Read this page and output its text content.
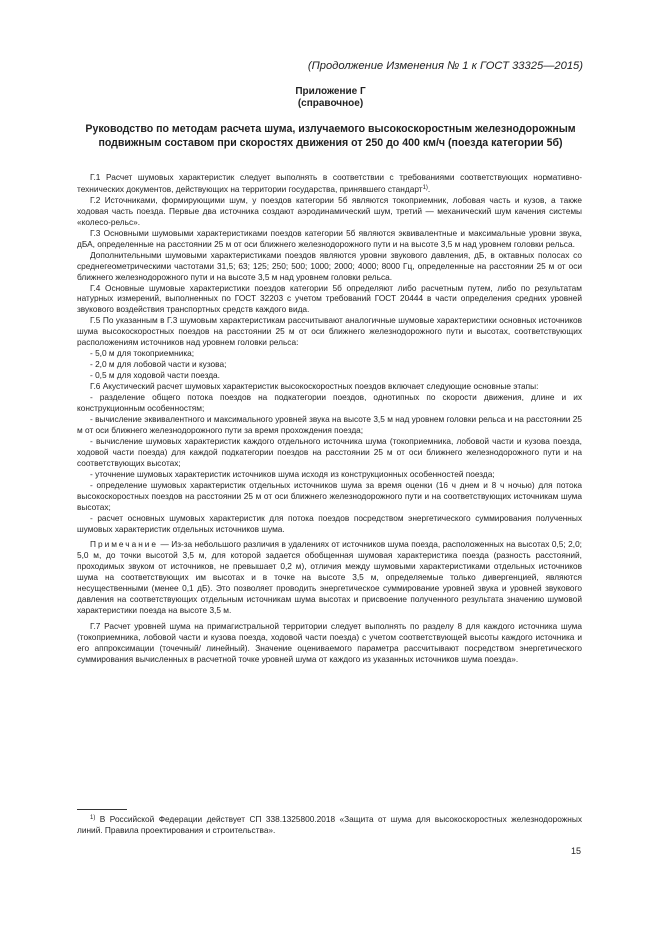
(Продолжение Изменения № 1 к ГОСТ 33325—2015)
Приложение Г
(справочное)
Руководство по методам расчета шума, излучаемого высокоскоростным железнодорожным подвижным составом при скоростях движения от 250 до 400 км/ч (поезда категории 5б)

Г.1 Расчет шумовых характеристик следует выполнять в соответствии с требованиями соответствующих нормативно-технических документов, действующих на территории государства, принявшего стандарт$^{1)}$.

Г.2 Источниками, формирующими шум, у поездов категории 5б являются токоприемник, лобовая часть и кузов, а также ходовая часть поезда. Первые два источника создают аэродинамический шум, третий — механический шум качения системы «колесо-рельс».

Г.3 Основными шумовыми характеристиками поездов категории 5б являются эквивалентные и максимальные уровни звука, дБА, определенные на расстоянии 25 м от оси ближнего железнодорожного пути и на высоте 3,5 м над уровнем головки рельса.

Дополнительными шумовыми характеристиками поездов являются уровни звукового давления, дБ, в октавных полосах со среднегеометрическими частотами 31,5; 63; 125; 250; 500; 1000; 2000; 4000; 8000 Гц, определенные на расстоянии 25 м от оси ближнего железнодорожного пути и на высоте 3,5 м над уровнем головки рельса.

Г.4 Основные шумовые характеристики поездов категории 5б определяют либо расчетным путем, либо по результатам натурных измерений, выполненных по ГОСТ 32203 с учетом требований ГОСТ 20444 в части определения средних уровней звукового воздействия транспортных средств каждого вида.

Г.5 По указанным в Г.3 шумовым характеристикам рассчитывают аналогичные шумовые характеристики основных источников шума высокоскоростных поездов на расстоянии 25 м от оси ближнего железнодорожного пути и высотах, соответствующих расположениям источников над уровнем головки рельса:

- 5,0 м для токоприемника;

- 2,0 м для лобовой части и кузова;

- 0,5 м для ходовой части поезда.

Г.6 Акустический расчет шумовых характеристик высокоскоростных поездов включает следующие основные этапы:

- разделение общего потока поездов на подкатегории поездов, однотипных по скорости движения, длине и их конструкционным особенностям;

- вычисление эквивалентного и максимального уровней звука на высоте 3,5 м над уровнем головки рельса и на расстоянии 25 м от оси ближнего железнодорожного пути за время прохождения поезда;

- вычисление шумовых характеристик каждого отдельного источника шума (токоприемника, лобовой части и кузова поезда, ходовой части поезда) для каждой подкатегории поездов на расстоянии 25 м от оси ближнего железнодорожного пути и на соответствующих высотах;

- уточнение шумовых характеристик источников шума исходя из конструкционных особенностей поезда;

- определение шумовых характеристик отдельных источников шума за время оценки (16 ч днем и 8 ч ночью) для потока высокоскоростных поездов на расстоянии 25 м от оси ближнего железнодорожного пути и на соответствующих источникам шума высотах;

- расчет основных шумовых характеристик для потока поездов посредством энергетического суммирования полученных шумовых характеристик отдельных источников шума.

Примечание — Из-за небольшого различия в удалениях от источников шума поезда, расположенных на высотах 0,5; 2,0; 5,0 м, до точки высотой 3,5 м, для которой задается обобщенная шумовая характеристика поезда (разность расстояний, проходимых звуком от источников, не превышает 0,2 м), отличия между шумовыми характеристиками отдельных источников шума на соответствующих им высотах и в точке на высоте 3,5 м, определяемые только дивергенцией, являются несущественными (менее 0,1 дБ). Это позволяет проводить энергетическое суммирование уровней звука и уровней звукового давления на соответствующих отдельным источникам шума высотах и присвоение полученного результата значению шумовой характеристики поезда на высоте 3,5 м.

Г.7 Расчет уровней шума на примагистральной территории следует выполнять по разделу 8 для каждого источника шума (токоприемника, лобовой части и кузова поезда, ходовой части поезда) с учетом соответствующей высоты каждого источника и его аппроксимации (точечный/ линейный). Значение оцениваемого параметра рассчитывают посредством энергетического суммирования вычисленных в расчетной точке уровней шума от каждого из указанных источников шума поезда».

$^{1)}$ В Российской Федерации действует СП 338.1325800.2018 «Защита от шума для высокоскоростных железнодорожных линий. Правила проектирования и строительства».
15
